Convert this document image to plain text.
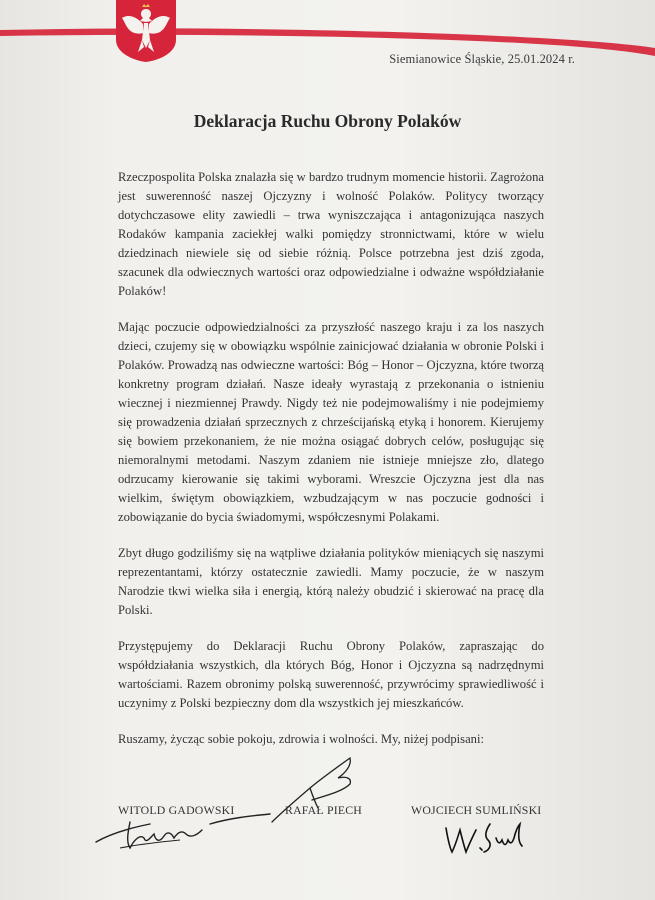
Siemianowice Śląskie, 25.01.2024 r.
Deklaracja Ruchu Obrony Polaków

Rzeczpospolita Polska znalazła się w bardzo trudnym momencie historii. Zagrożona jest suwerenność naszej Ojczyzny i wolność Polaków. Politycy tworzący dotychczasowe elity zawiedli – trwa wyniszczająca i antagonizująca naszych Rodaków kampania zaciekłej walki pomiędzy stronnictwami, które w wielu dziedzinach niewiele się od siebie różnią. Polsce potrzebna jest dziś zgoda, szacunek dla odwiecznych wartości oraz odpowiedzialne i odważne współdziałanie Polaków!

Mając poczucie odpowiedzialności za przyszłość naszego kraju i za los naszych dzieci, czujemy się w obowiązku wspólnie zainicjować działania w obronie Polski i Polaków. Prowadzą nas odwieczne wartości: Bóg – Honor – Ojczyzna, które tworzą konkretny program działań. Nasze ideały wyrastają z przekonania o istnieniu wiecznej i niezmiennej Prawdy. Nigdy też nie podejmowaliśmy i nie podejmiemy się prowadzenia działań sprzecznych z chrześcijańską etyką i honorem. Kierujemy się bowiem przekonaniem, że nie można osiągać dobrych celów, posługując się niemoralnymi metodami. Naszym zdaniem nie istnieje mniejsze zło, dlatego odrzucamy kierowanie się takimi wyborami. Wreszcie Ojczyzna jest dla nas wielkim, świętym obowiązkiem, wzbudzającym w nas poczucie godności i zobowiązanie do bycia świadomymi, współczesnymi Polakami.

Zbyt długo godziliśmy się na wątpliwe działania polityków mieniących się naszymi reprezentantami, którzy ostatecznie zawiedli. Mamy poczucie, że w naszym Narodzie tkwi wielka siła i energią, którą należy obudzić i skierować na pracę dla Polski.

Przystępujemy do Deklaracji Ruchu Obrony Polaków, zapraszając do współdziałania wszystkich, dla których Bóg, Honor i Ojczyzna są nadrzędnymi wartościami. Razem obronimy polską suwerenność, przywrócimy sprawiedliwość i uczynimy z Polski bezpieczny dom dla wszystkich jej mieszkańców.

Ruszamy, życząc sobie pokoju, zdrowia i wolności. My, niżej podpisani:

WITOLD GADOWSKI	RAFAŁ PIECH	WOJCIECH SUMLIŃSKI
